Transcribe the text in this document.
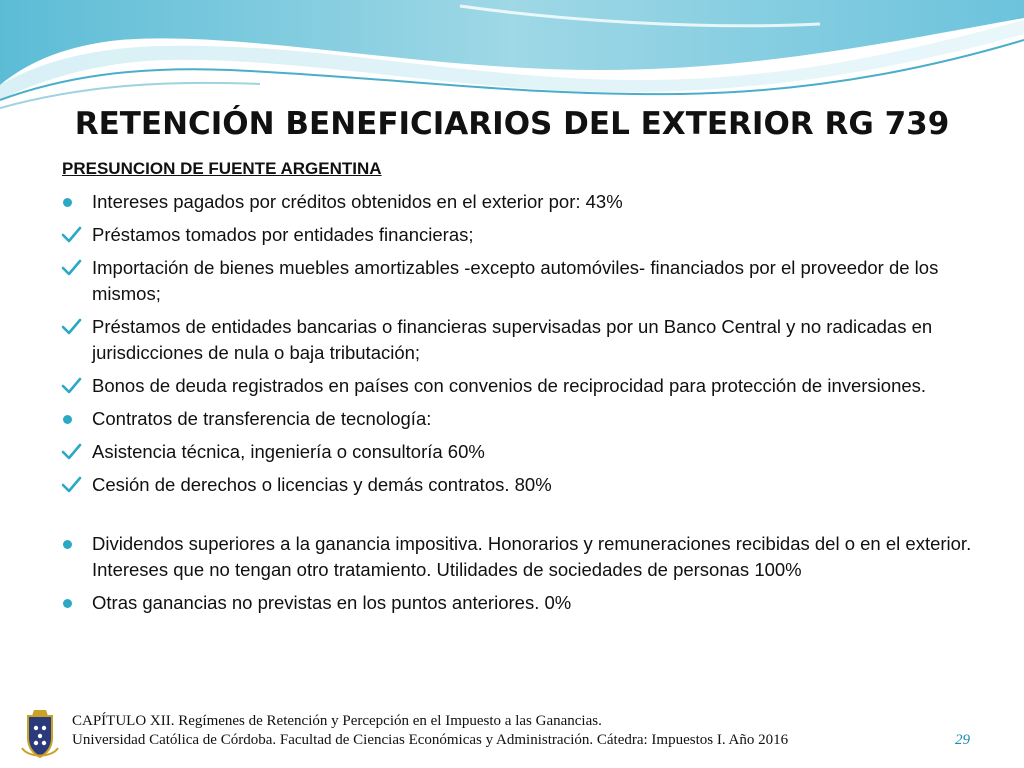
RETENCIÓN BENEFICIARIOS DEL EXTERIOR RG 739
PRESUNCION DE FUENTE ARGENTINA
Intereses pagados por créditos obtenidos en el exterior por: 43%
Préstamos tomados por entidades financieras;
Importación de bienes muebles amortizables -excepto automóviles- financiados por el proveedor de los mismos;
Préstamos de entidades bancarias o financieras supervisadas por un Banco Central y no radicadas en jurisdicciones de nula o baja tributación;
Bonos de deuda registrados en países con convenios de reciprocidad para protección de inversiones.
Contratos de transferencia de tecnología:
Asistencia técnica, ingeniería o consultoría 60%
Cesión de derechos o licencias y demás contratos. 80%
Dividendos superiores a la ganancia impositiva. Honorarios y remuneraciones recibidas del o en el exterior. Intereses que no tengan otro tratamiento. Utilidades de sociedades de personas 100%
Otras ganancias no previstas en los puntos anteriores. 0%
CAPÍTULO XII. Regímenes de Retención y Percepción en el Impuesto a las Ganancias.
Universidad Católica de Córdoba. Facultad de Ciencias Económicas y Administración. Cátedra: Impuestos I. Año 2016	29
